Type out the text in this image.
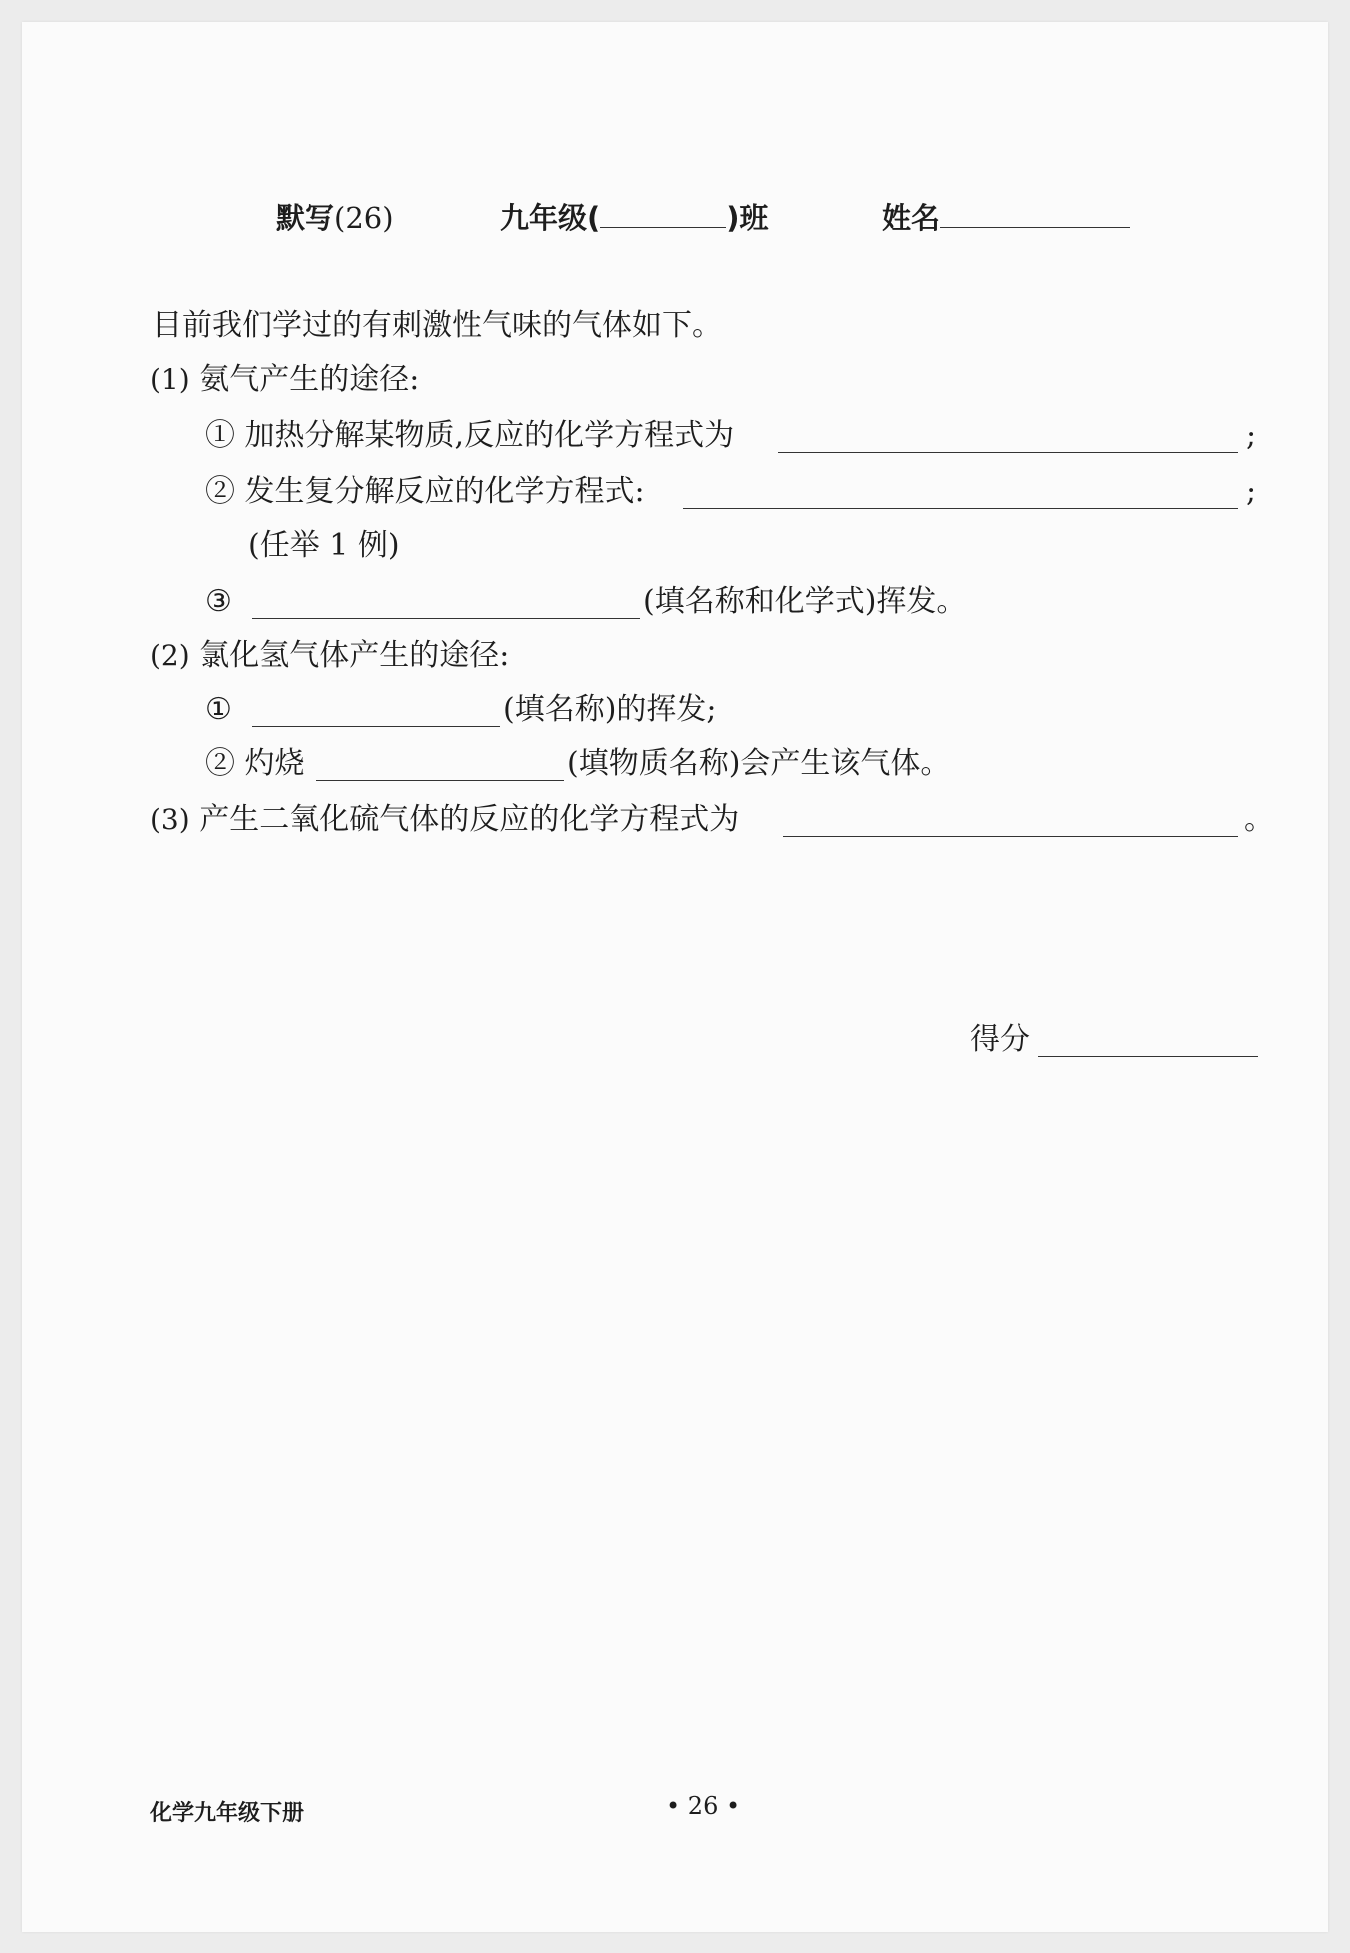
默写(26)	九年级(	)班	姓名
目前我们学过的有刺激性气味的气体如下。
(1) 氨气产生的途径:
① 加热分解某物质,反应的化学方程式为	;
② 发生复分解反应的化学方程式:	;
(任举 1 例)
③	(填名称和化学式)挥发。
(2) 氯化氢气体产生的途径:
①	(填名称)的挥发;
② 灼烧	(填物质名称)会产生该气体。
(3) 产生二氧化硫气体的反应的化学方程式为	。
得分
化学九年级下册	• 26 •
